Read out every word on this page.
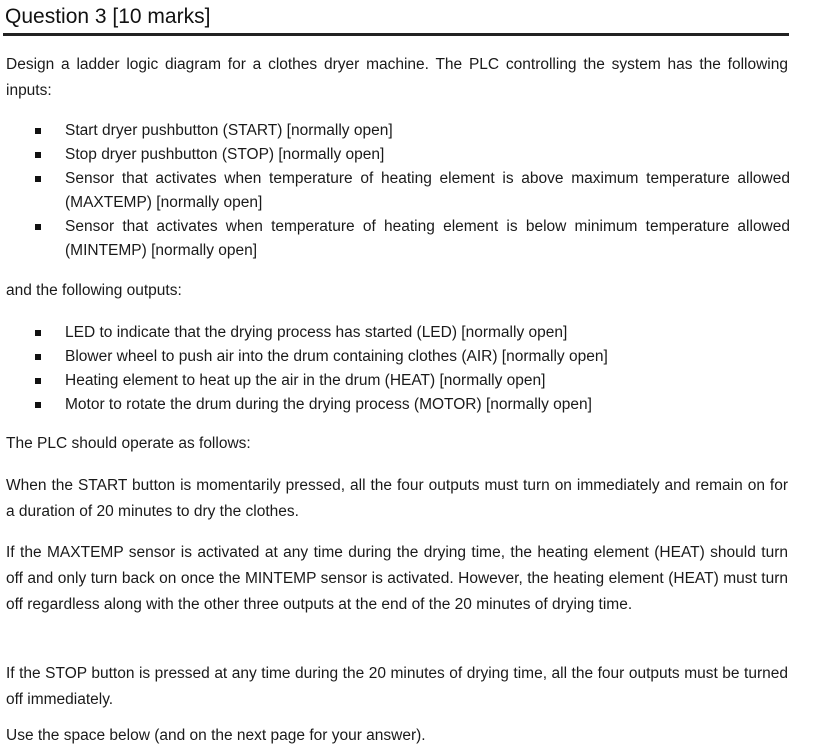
Question 3 [10 marks]

Design a ladder logic diagram for a clothes dryer machine. The PLC controlling the system has the following inputs:

Start dryer pushbutton (START) [normally open]
Stop dryer pushbutton (STOP) [normally open]
Sensor that activates when temperature of heating element is above maximum temperature allowed (MAXTEMP) [normally open]
Sensor that activates when temperature of heating element is below minimum temperature allowed (MINTEMP) [normally open]

and the following outputs:

LED to indicate that the drying process has started (LED) [normally open]
Blower wheel to push air into the drum containing clothes (AIR) [normally open]
Heating element to heat up the air in the drum (HEAT) [normally open]
Motor to rotate the drum during the drying process (MOTOR) [normally open]

The PLC should operate as follows:

When the START button is momentarily pressed, all the four outputs must turn on immediately and remain on for a duration of 20 minutes to dry the clothes.

If the MAXTEMP sensor is activated at any time during the drying time, the heating element (HEAT) should turn off and only turn back on once the MINTEMP sensor is activated. However, the heating element (HEAT) must turn off regardless along with the other three outputs at the end of the 20 minutes of drying time.

If the STOP button is pressed at any time during the 20 minutes of drying time, all the four outputs must be turned off immediately.

Use the space below (and on the next page for your answer).
